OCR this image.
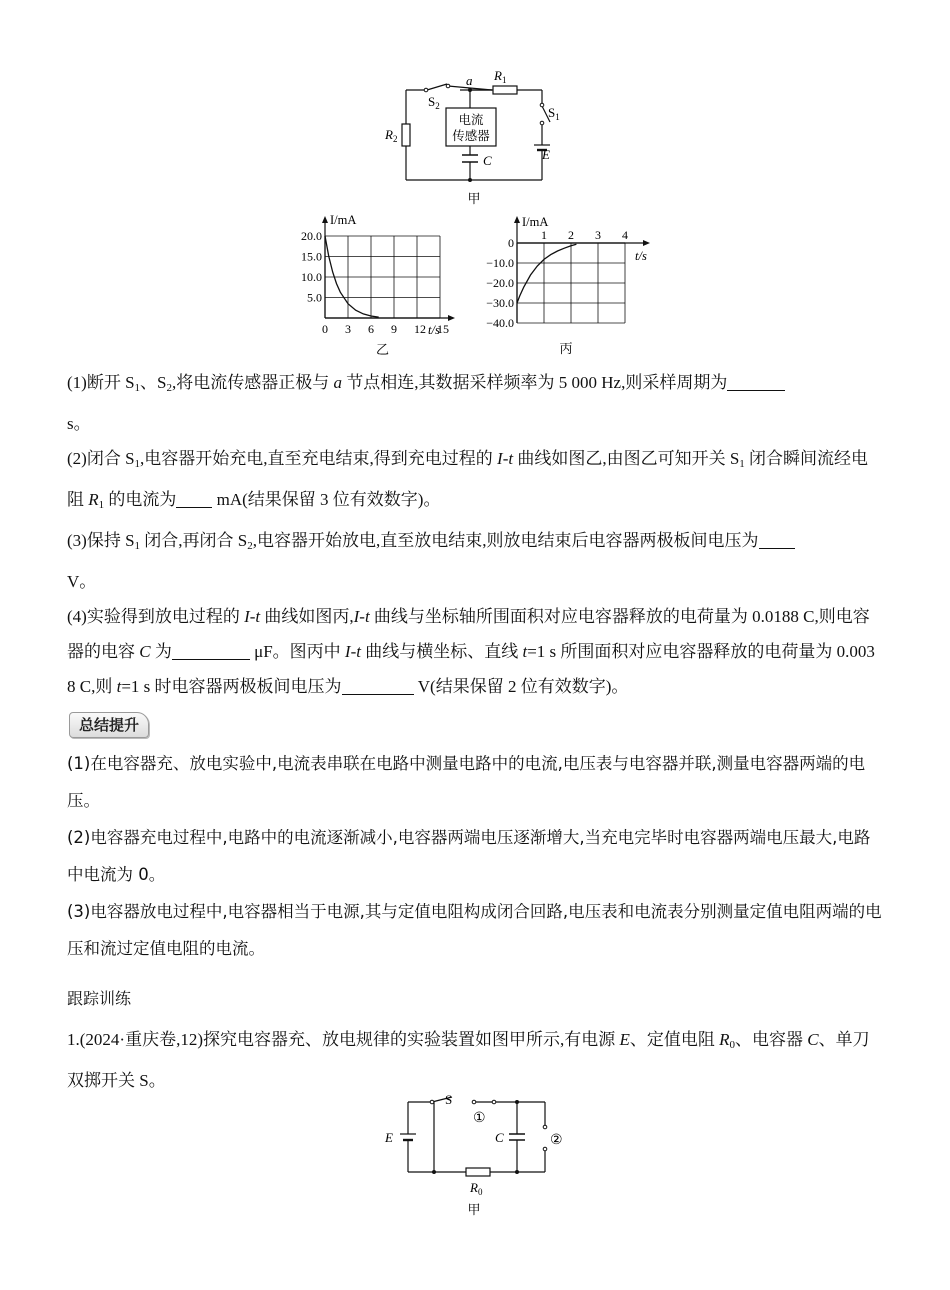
a $R_1$
$R_2$
$S_2$	$S_1$
E
C
电流
传感器
甲
0 3 6 9 12 15
20.0
15.0
10.0
5.0
I/mA
t/s
乙
1 2 3 4
0
−10.0
−20.0
−30.0
−40.0
I/mA
t/s
丙

(1)断开 $S_1$、$S_2$,将电流传感器正极与 a 节点相连,其数据采样频率为 5 000 Hz,则采样周期为
s。

(2)闭合 $S_1$,电容器开始充电,直至充电结束,得到充电过程的 I-t 曲线如图乙,由图乙可知开关 $S_1$ 闭合瞬间流经电阻 $R_1$ 的电流为 mA(结果保留 3 位有效数字)。

(3)保持 $S_1$ 闭合,再闭合 $S_2$,电容器开始放电,直至放电结束,则放电结束后电容器两极板间电压为
V。

(4)实验得到放电过程的 I-t 曲线如图丙,I-t 曲线与坐标轴所围面积对应电容器释放的电荷量为 0.0188 C,则电容器的电容 C 为	μF。图丙中 I-t 曲线与横坐标、直线 t=1 s 所围面积对应电容器释放的电荷量为 0.003 8 C,则 t=1 s 时电容器两极板间电压为	V(结果保留 2 位有效数字)。

总结提升

(1)在电容器充、放电实验中,电流表串联在电路中测量电路中的电流,电压表与电容器并联,测量电容器两端的电压。

(2)电容器充电过程中,电路中的电流逐渐减小,电容器两端电压逐渐增大,当充电完毕时电容器两端电压最大,电路中电流为 0。

(3)电容器放电过程中,电容器相当于电源,其与定值电阻构成闭合回路,电压表和电流表分别测量定值电阻两端的电压和流过定值电阻的电流。

跟踪训练

1.(2024·重庆卷,12)探究电容器充、放电规律的实验装置如图甲所示,有电源 E、定值电阻 $R_0$、电容器 C、单刀双掷开关 S。

S
E	C
①
②
$R_0$
甲
